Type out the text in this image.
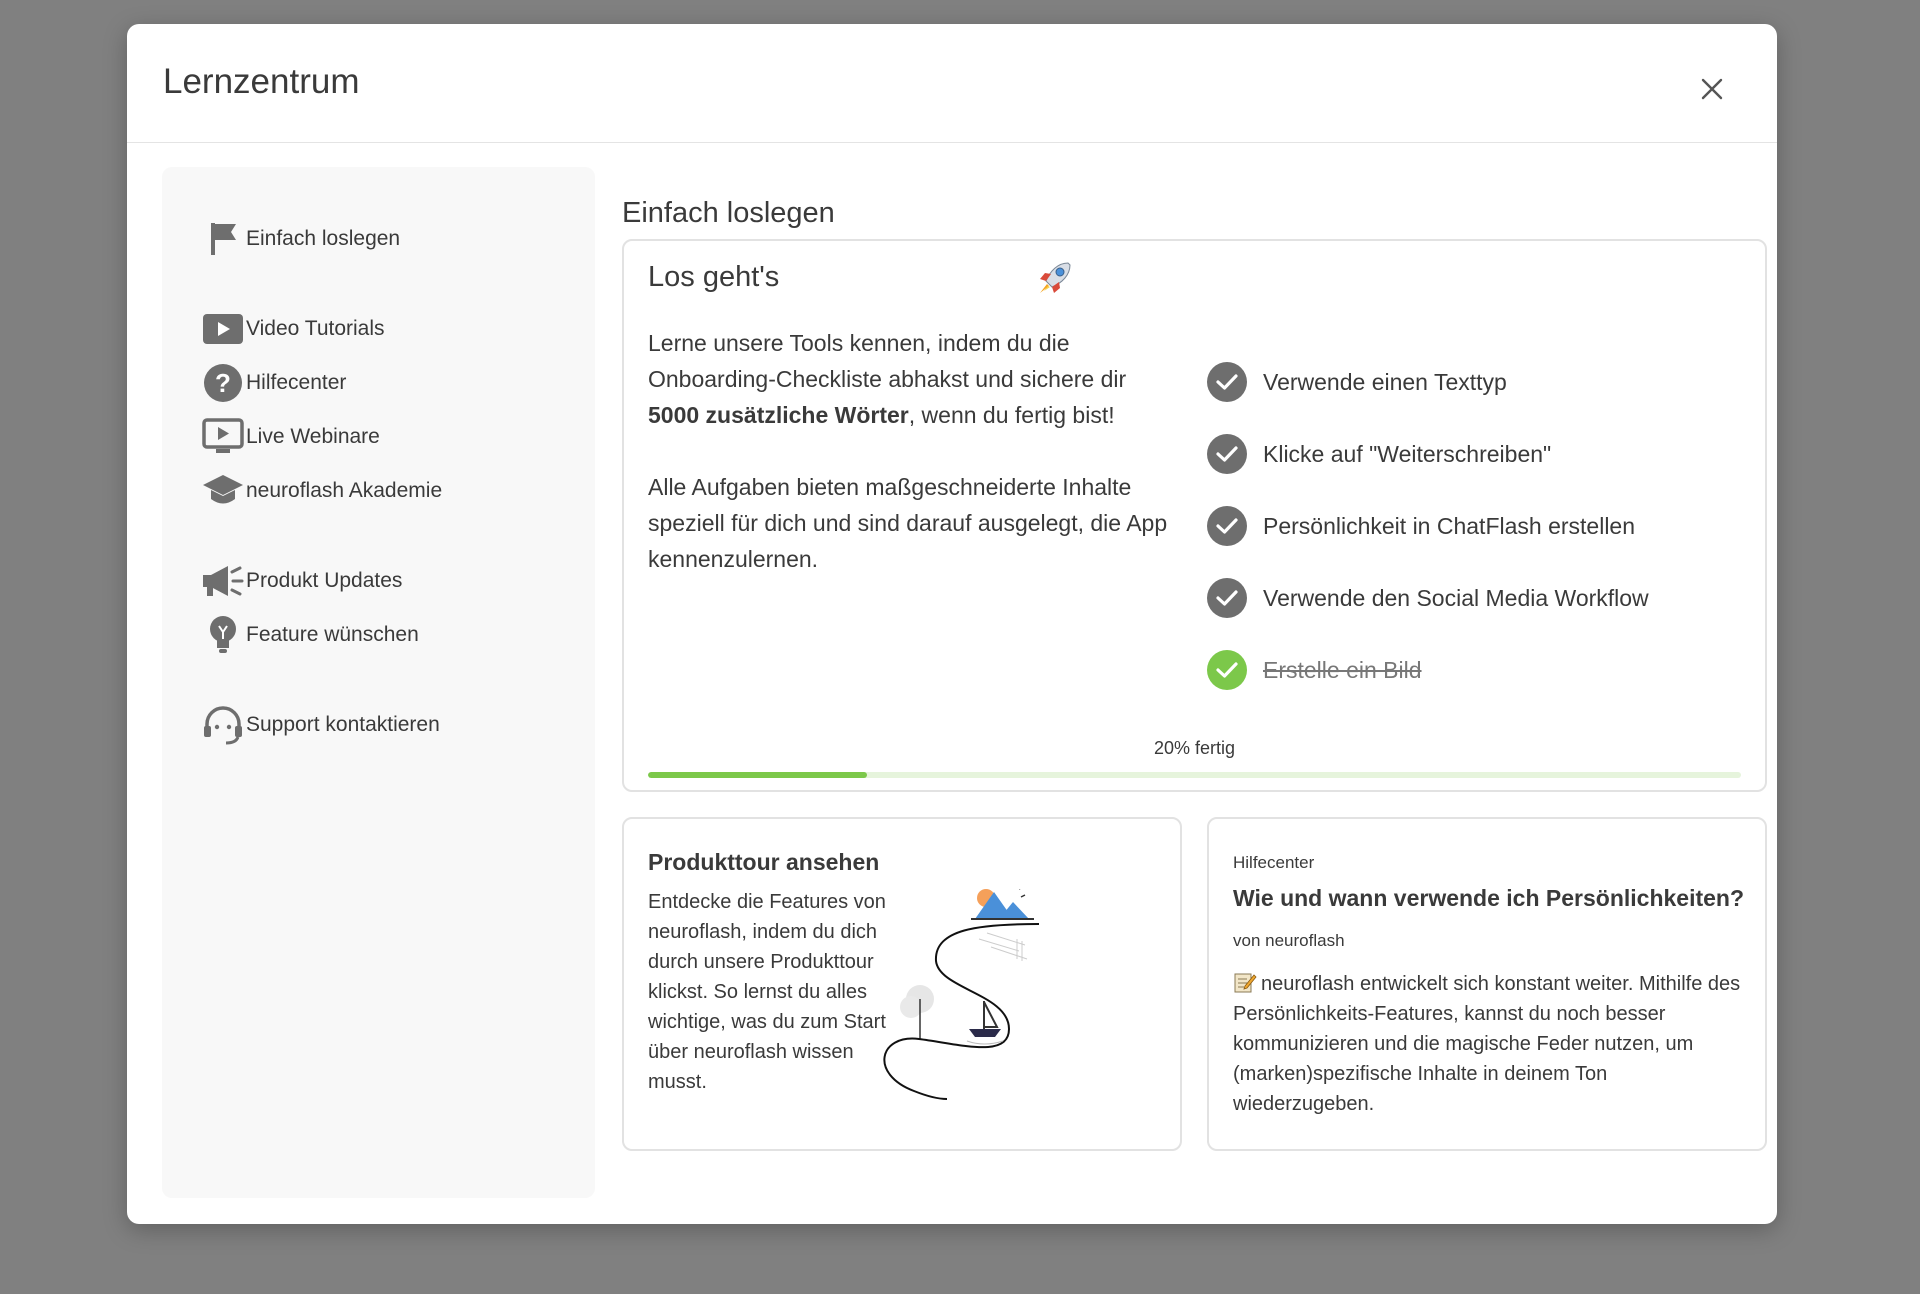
Lernzentrum
Einfach loslegen
Video Tutorials
? Hilfecenter
Live Webinare
neuroflash Akademie
Produkt Updates
Feature wünschen
Support kontaktieren
Einfach loslegen
Los geht's

Lerne unsere Tools kennen, indem du die Onboarding-Checkliste abhakst und sichere dir 5000 zusätzliche Wörter, wenn du fertig bist!

Alle Aufgaben bieten maßgeschneiderte Inhalte speziell für dich und sind darauf ausgelegt, die App kennenzulernen.

Verwende einen Texttyp
Klicke auf "Weiterschreiben"
Persönlichkeit in ChatFlash erstellen
Verwende den Social Media Workflow
Erstelle ein Bild
20% fertig
Produkttour ansehen

Entdecke die Features von neuroflash, indem du dich durch unsere Produkttour klickst. So lernst du alles wichtige, was du zum Start über neuroflash wissen musst.

Hilfecenter
Wie und wann verwende ich Persönlichkeiten?
von neuroflash

neuroflash entwickelt sich konstant weiter. Mithilfe des Persönlichkeits-Features, kannst du noch besser kommunizieren und die magische Feder nutzen, um (marken)spezifische Inhalte in deinem Ton wiederzugeben.
